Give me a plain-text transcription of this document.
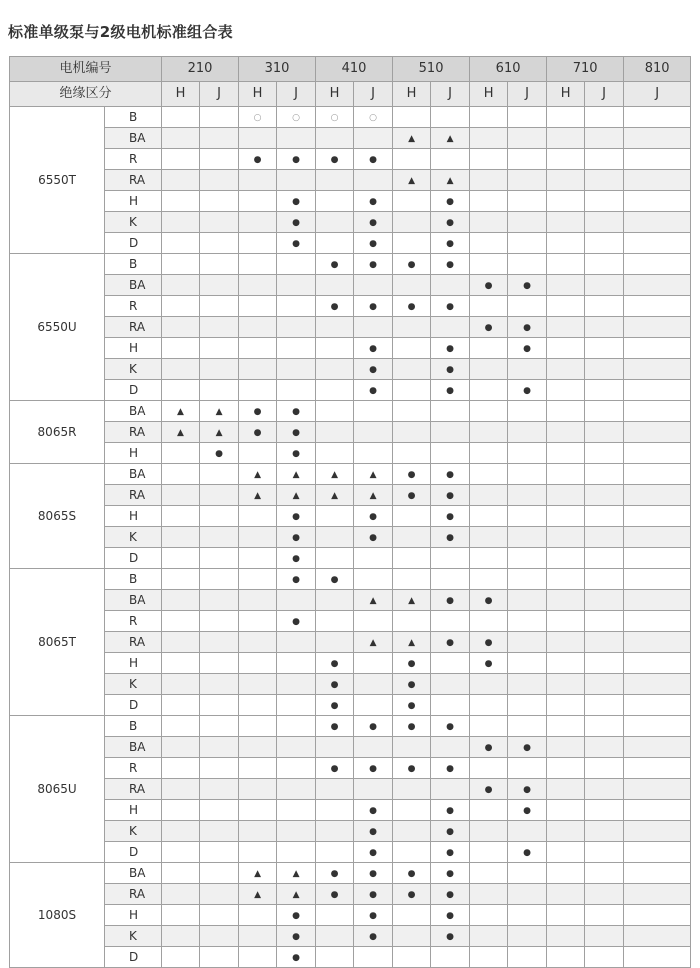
标准单级泵与2级电机标准组合表
电机编号		210		310		410		510		610		710		810
绝缘区分		H	J	H	J	H	J	H	J	H	J	H	J	J
6550T	B			○	○	○	○							
	BA							▲	▲					
	R			●	●	●	●							
	RA							▲	▲					
	H				●		●		●					
	K				●		●		●					
	D				●		●		●					
6550U	B					●	●	●	●					
	BA									●	●			
	R					●	●	●	●					
	RA									●	●			
	H						●		●		●			
	K						●		●					
	D						●		●		●			
8065R	BA	▲	▲	●	●									
	RA	▲	▲	●	●									
	H		●		●									
8065S	BA			▲	▲	▲	▲	●	●					
	RA			▲	▲	▲	▲	●	●					
	H				●		●		●					
	K				●		●		●					
	D				●									
8065T	B				●	●								
	BA						▲	▲	●	●				
	R				●									
	RA						▲	▲	●	●				
	H					●		●		●				
	K					●		●						
	D					●		●						
8065U	B					●	●	●	●					
	BA									●	●			
	R					●	●	●	●					
	RA									●	●			
	H						●		●		●			
	K						●		●					
	D						●		●		●			
1080S	BA			▲	▲	●	●	●	●					
	RA			▲	▲	●	●	●	●					
	H				●		●		●					
	K				●		●		●					
	D				●									
